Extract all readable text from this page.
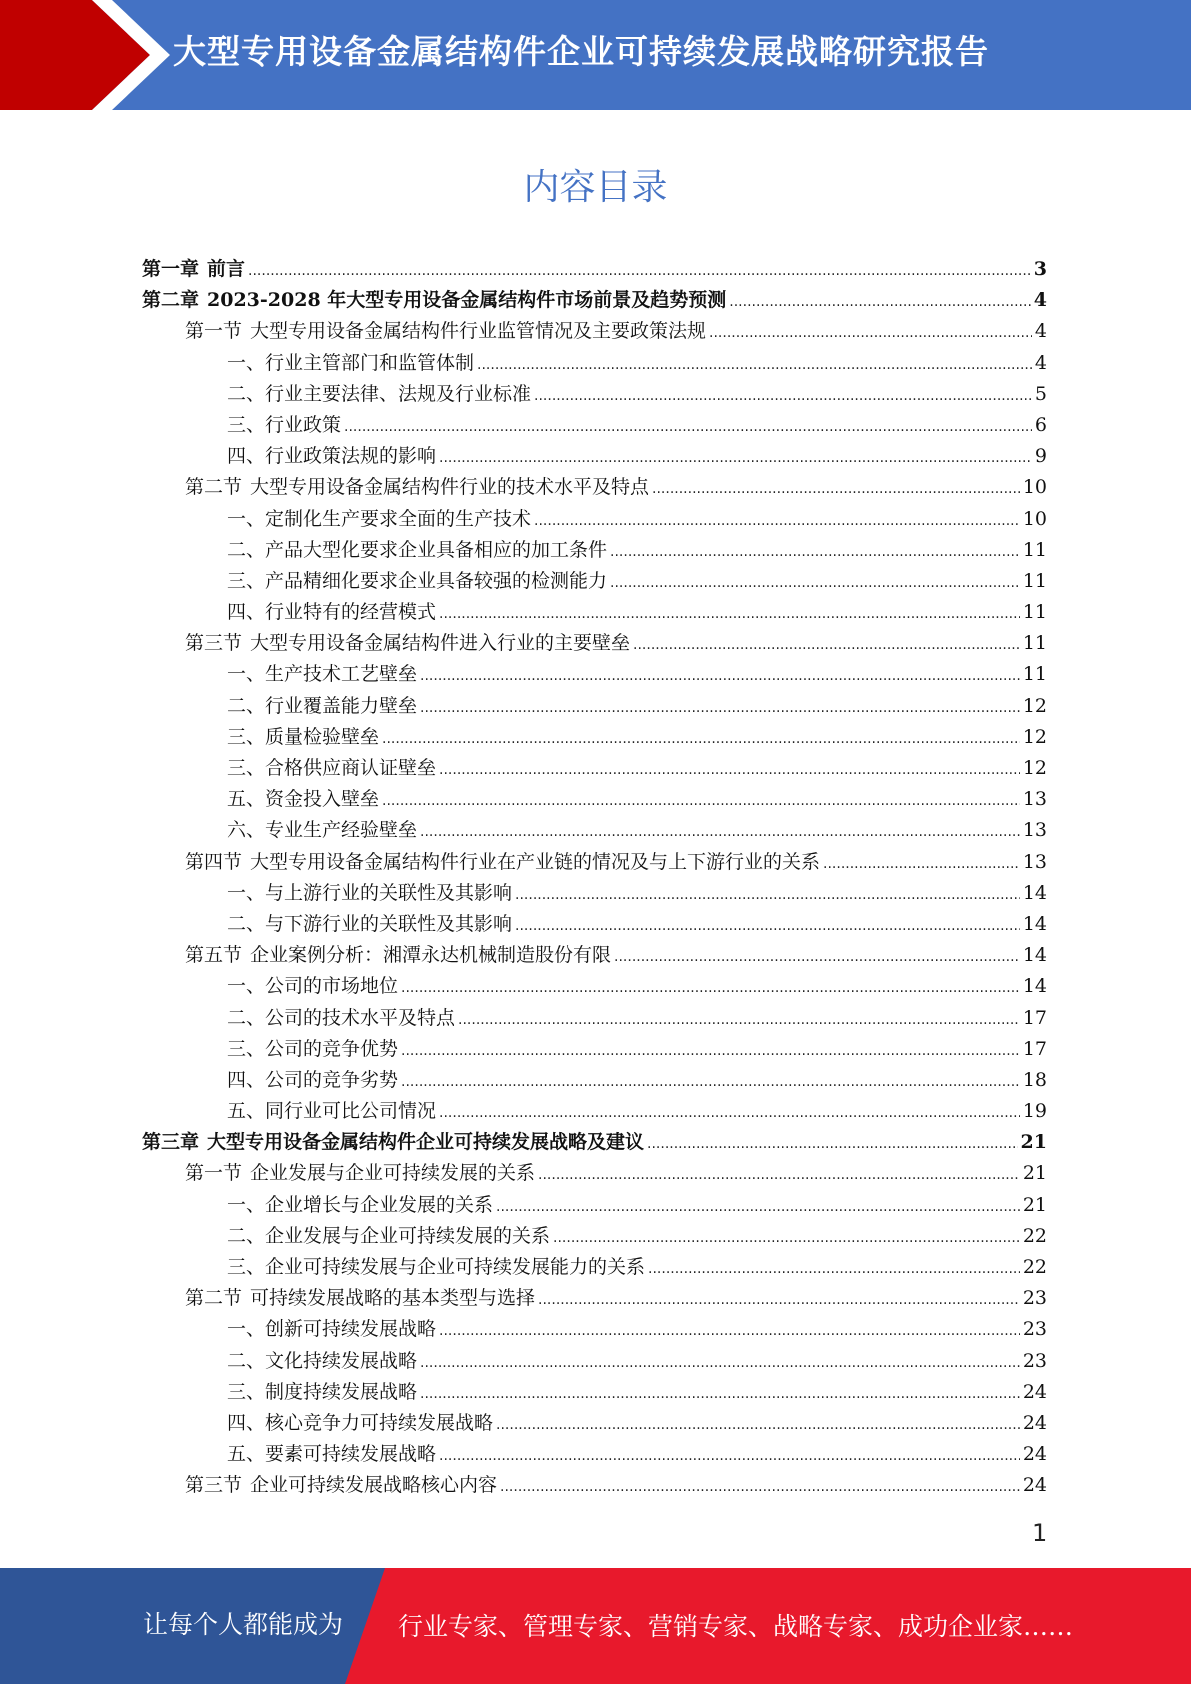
大型专用设备金属结构件企业可持续发展战略研究报告
内容目录
第一章 前言 .....	3
第二章 2023-2028 年大型专用设备金属结构件市场前景及趋势预测 .....	4
第一节 大型专用设备金属结构件行业监管情况及主要政策法规 .....	4
一、行业主管部门和监管体制 .....	4
二、行业主要法律、法规及行业标准 .....	5
三、行业政策 .....	6
四、行业政策法规的影响 .....	9
第二节 大型专用设备金属结构件行业的技术水平及特点 .....	10
一、定制化生产要求全面的生产技术 .....	10
二、产品大型化要求企业具备相应的加工条件 .....	11
三、产品精细化要求企业具备较强的检测能力 .....	11
四、行业特有的经营模式 .....	11
第三节 大型专用设备金属结构件进入行业的主要壁垒 .....	11
一、生产技术工艺壁垒 .....	11
二、行业覆盖能力壁垒 .....	12
三、质量检验壁垒 .....	12
三、合格供应商认证壁垒 .....	12
五、资金投入壁垒 .....	13
六、专业生产经验壁垒 .....	13
第四节 大型专用设备金属结构件行业在产业链的情况及与上下游行业的关系 .....	13
一、与上游行业的关联性及其影响 .....	14
二、与下游行业的关联性及其影响 .....	14
第五节 企业案例分析：湘潭永达机械制造股份有限 .....	14
一、公司的市场地位 .....	14
二、公司的技术水平及特点 .....	17
三、公司的竞争优势 .....	17
四、公司的竞争劣势 .....	18
五、同行业可比公司情况 .....	19
第三章 大型专用设备金属结构件企业可持续发展战略及建议 .....	21
第一节 企业发展与企业可持续发展的关系 .....	21
一、企业增长与企业发展的关系 .....	21
二、企业发展与企业可持续发展的关系 .....	22
三、企业可持续发展与企业可持续发展能力的关系 .....	22
第二节 可持续发展战略的基本类型与选择 .....	23
一、创新可持续发展战略 .....	23
二、文化持续发展战略 .....	23
三、制度持续发展战略 .....	24
四、核心竞争力可持续发展战略 .....	24
五、要素可持续发展战略 .....	24
第三节 企业可持续发展战略核心内容 .....	24
1
让每个人都能成为 行业专家、管理专家、营销专家、战略专家、成功企业家……
